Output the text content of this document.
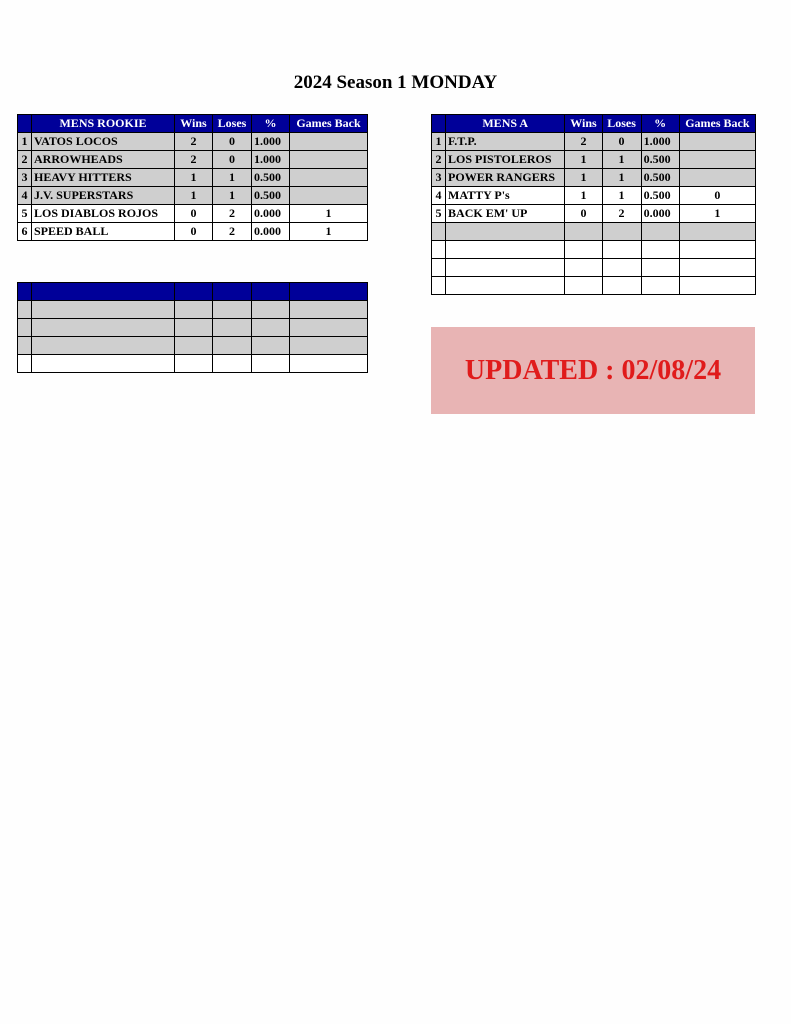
2024 Season 1 MONDAY
	MENS ROOKIE	Wins	Loses	%	Games Back
1	VATOS LOCOS	2	0	1.000	
2	ARROWHEADS	2	0	1.000	
3	HEAVY HITTERS	1	1	0.500	
4	J.V. SUPERSTARS	1	1	0.500	
5	LOS DIABLOS ROJOS	0	2	0.000	1
6	SPEED BALL	0	2	0.000	1

	MENS A	Wins	Loses	%	Games Back
1	F.T.P.	2	0	1.000	
2	LOS PISTOLEROS	1	1	0.500	
3	POWER RANGERS	1	1	0.500	
4	MATTY P's	1	1	0.500	0
5	BACK EM' UP	0	2	0.000	1

UPDATED : 02/08/24
